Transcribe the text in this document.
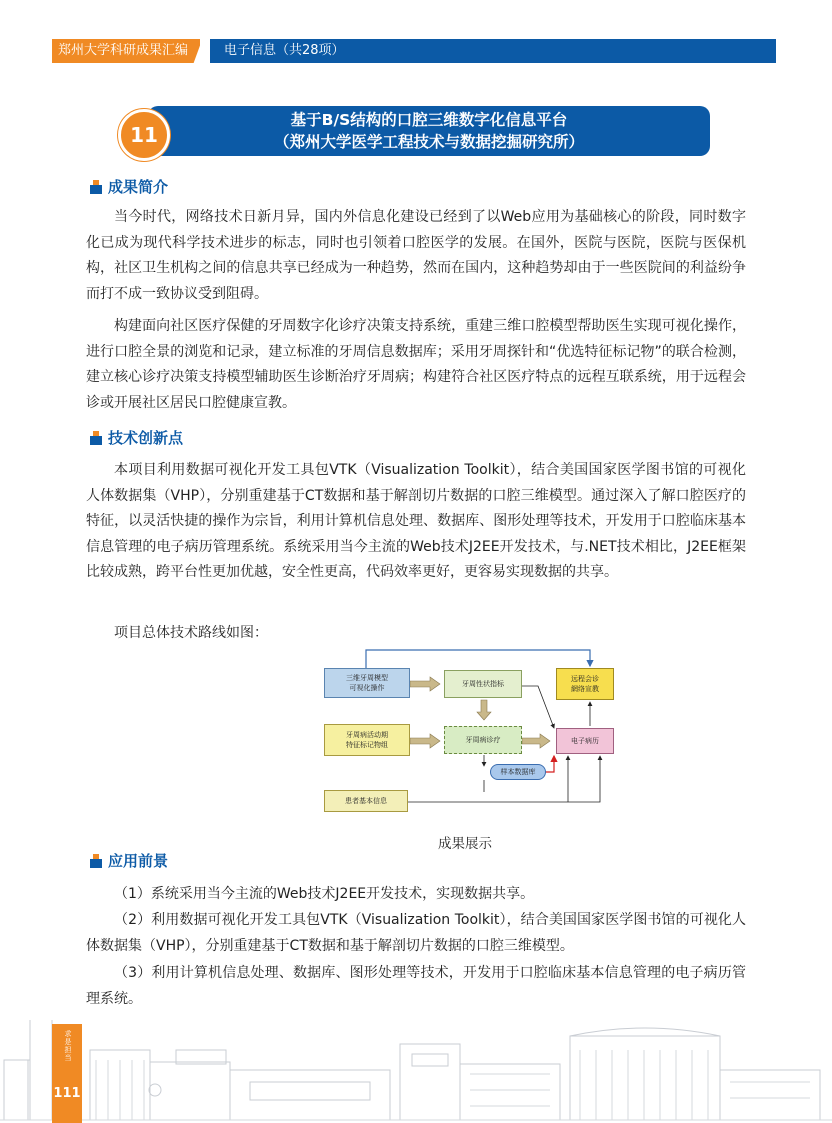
郑州大学科研成果汇编	电子信息（共28项）
基于B/S结构的口腔三维数字化信息平台
（郑州大学医学工程技术与数据挖掘研究所）
11
成果简介

当今时代，网络技术日新月异，国内外信息化建设已经到了以Web应用为基础核心的阶段，同时数字化已成为现代科学技术进步的标志，同时也引领着口腔医学的发展。在国外，医院与医院，医院与医保机构，社区卫生机构之间的信息共享已经成为一种趋势，然而在国内，这种趋势却由于一些医院间的利益纷争而打不成一致协议受到阻碍。

构建面向社区医疗保健的牙周数字化诊疗决策支持系统，重建三维口腔模型帮助医生实现可视化操作，进行口腔全景的浏览和记录，建立标准的牙周信息数据库；采用牙周探针和“优选特征标记物”的联合检测，建立核心诊疗决策支持模型辅助医生诊断治疗牙周病；构建符合社区医疗特点的远程互联系统，用于远程会诊或开展社区居民口腔健康宣教。

技术创新点

本项目利用数据可视化开发工具包VTK（Visualization Toolkit），结合美国国家医学图书馆的可视化人体数据集（VHP），分别重建基于CT数据和基于解剖切片数据的口腔三维模型。通过深入了解口腔医疗的特征，以灵活快捷的操作为宗旨，利用计算机信息处理、数据库、图形处理等技术，开发用于口腔临床基本信息管理的电子病历管理系统。系统采用当今主流的Web技术J2EE开发技术，与.NET技术相比，J2EE框架比较成熟，跨平台性更加优越，安全性更高，代码效率更好，更容易实现数据的共享。

项目总体技术路线如图：

三维牙周模型
可视化操作	牙周性状指标
远程会诊
網络宣教
牙周病活动期
特征标记物组
牙周病诊疗	电子病历
样本数据库
患者基本信息
成果展示
应用前景

（1）系统采用当今主流的Web技术J2EE开发技术，实现数据共享。

（2）利用数据可视化开发工具包VTK（Visualization Toolkit），结合美国国家医学图书馆的可视化人体数据集（VHP），分别重建基于CT数据和基于解剖切片数据的口腔三维模型。

（3）利用计算机信息处理、数据库、图形处理等技术，开发用于口腔临床基本信息管理的电子病历管理系统。

求是担当
111
